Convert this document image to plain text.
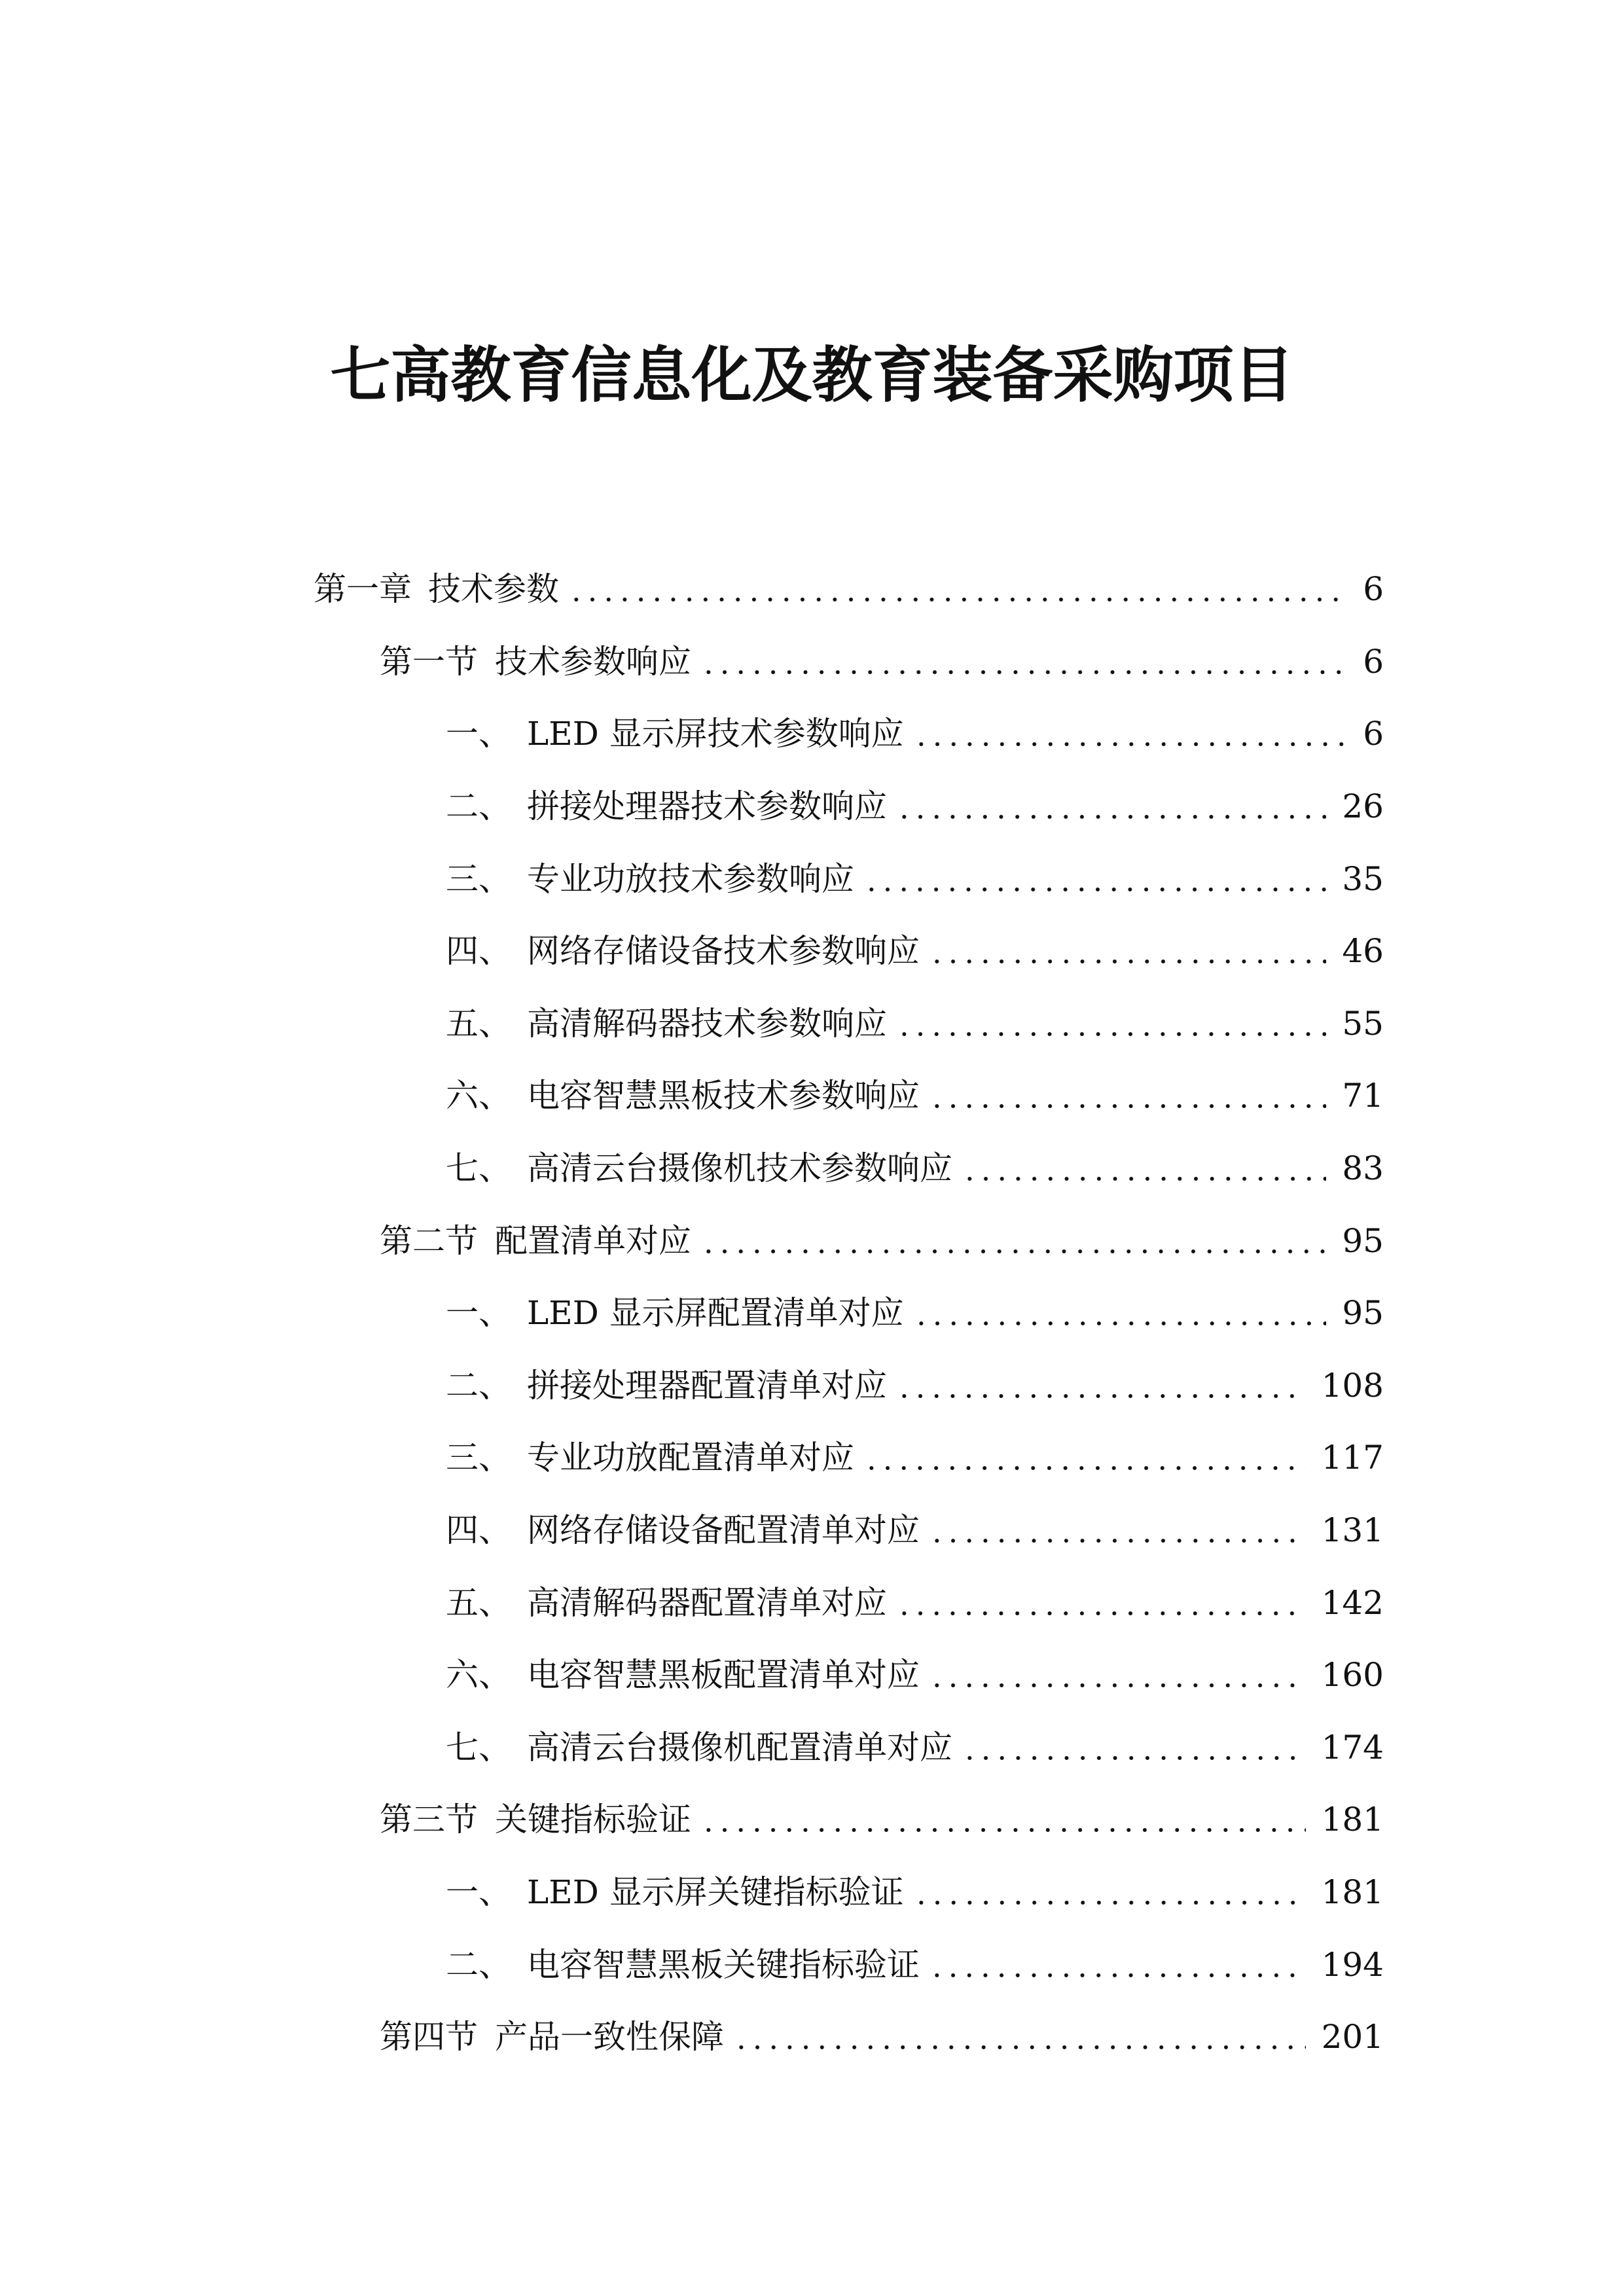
七高教育信息化及教育装备采购项目
第一章 技术参数	6
第一节 技术参数响应	6
一、 LED 显示屏技术参数响应	6
二、 拼接处理器技术参数响应	26
三、 专业功放技术参数响应	35
四、 网络存储设备技术参数响应	46
五、 高清解码器技术参数响应	55
六、 电容智慧黑板技术参数响应	71
七、 高清云台摄像机技术参数响应	83
第二节 配置清单对应	95
一、 LED 显示屏配置清单对应	95
二、 拼接处理器配置清单对应	108
三、 专业功放配置清单对应	117
四、 网络存储设备配置清单对应	131
五、 高清解码器配置清单对应	142
六、 电容智慧黑板配置清单对应	160
七、 高清云台摄像机配置清单对应	174
第三节 关键指标验证	181
一、 LED 显示屏关键指标验证	181
二、 电容智慧黑板关键指标验证	194
第四节 产品一致性保障	201
